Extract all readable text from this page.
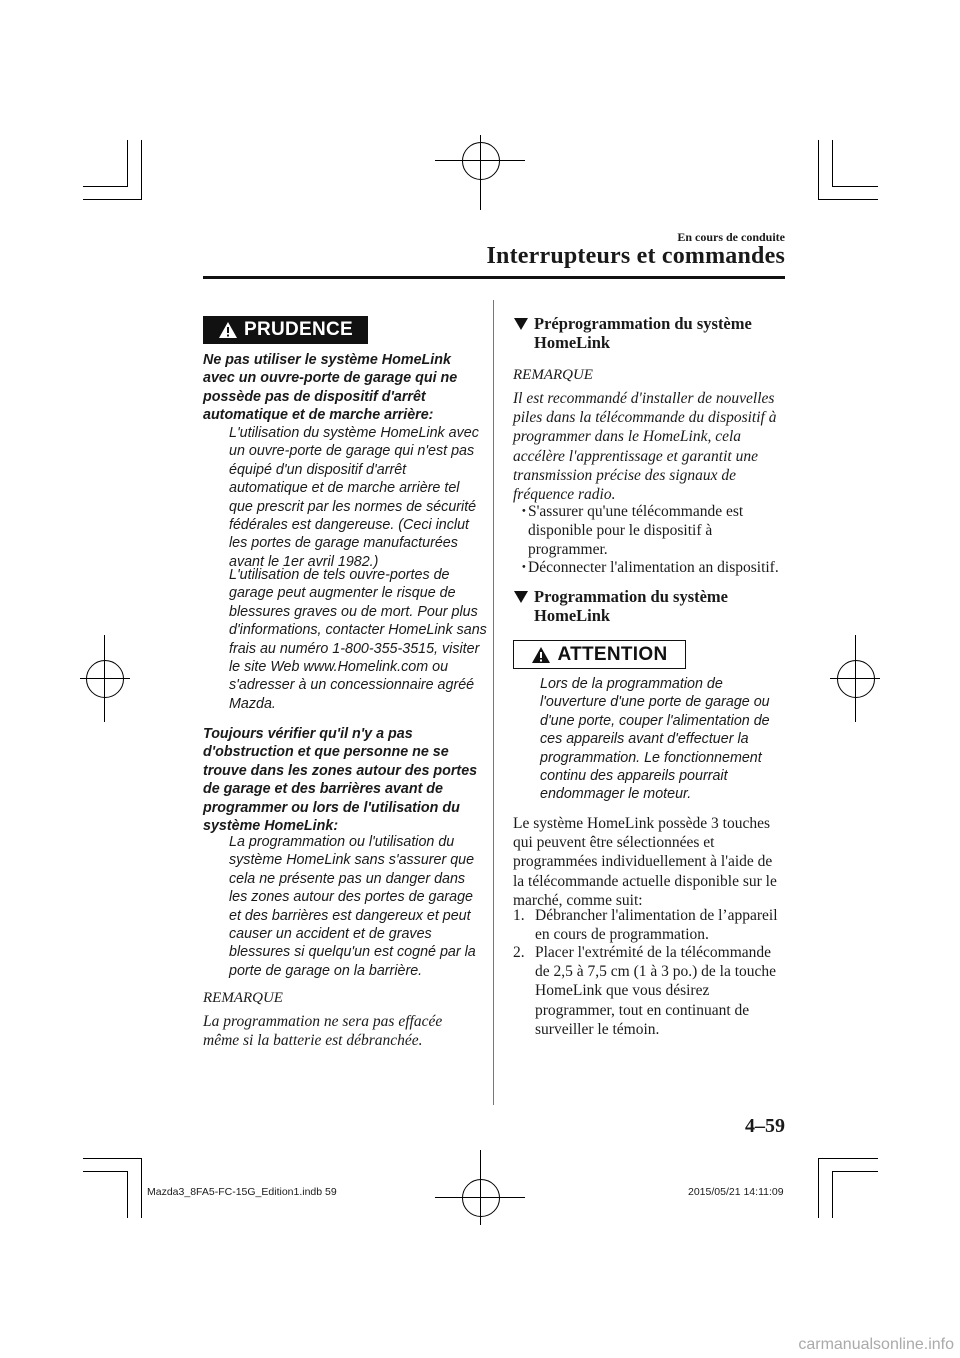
En cours de conduite
Interrupteurs et commandes
PRUDENCE

Ne pas utiliser le système HomeLink avec un ouvre-porte de garage qui ne possède pas de dispositif d'arrêt automatique et de marche arrière:

L'utilisation du système HomeLink avec un ouvre-porte de garage qui n'est pas équipé d'un dispositif d'arrêt automatique et de marche arrière tel que prescrit par les normes de sécurité fédérales est dangereuse. (Ceci inclut les portes de garage manufacturées avant le 1er avril 1982.)

L'utilisation de tels ouvre-portes de garage peut augmenter le risque de blessures graves ou de mort. Pour plus d'informations, contacter HomeLink sans frais au numéro 1-800-355-3515, visiter le site Web www.Homelink.com ou s'adresser à un concessionnaire agréé Mazda.

Toujours vérifier qu'il n'y a pas d'obstruction et que personne ne se trouve dans les zones autour des portes de garage et des barrières avant de programmer ou lors de l'utilisation du système HomeLink:

La programmation ou l'utilisation du système HomeLink sans s'assurer que cela ne présente pas un danger dans les zones autour des portes de garage et des barrières est dangereux et peut causer un accident et de graves blessures si quelqu'un est cogné par la porte de garage on la barrière.

REMARQUE

La programmation ne sera pas effacée même si la batterie est débranchée.

Préprogrammation du système
HomeLink

REMARQUE

Il est recommandé d'installer de nouvelles piles dans la télécommande du dispositif à programmer dans le HomeLink, cela accélère l'apprentissage et garantit une transmission précise des signaux de fréquence radio.

･ S'assurer qu'une télécommande est disponible pour le dispositif à programmer.
･ Déconnecter l'alimentation an dispositif.
Programmation du système
HomeLink
ATTENTION

Lors de la programmation de l'ouverture d'une porte de garage ou d'une porte, couper l'alimentation de ces appareils avant d'effectuer la programmation. Le fonctionnement continu des appareils pourrait endommager le moteur.

Le système HomeLink possède 3 touches qui peuvent être sélectionnées et programmées individuellement à l'aide de la télécommande actuelle disponible sur le marché, comme suit:

1. Débrancher l'alimentation de l’appareil en cours de programmation.
2. Placer l'extrémité de la télécommande de 2,5 à 7,5 cm (1 à 3 po.) de la touche HomeLink que vous désirez programmer, tout en continuant de surveiller le témoin.
4–59
Mazda3_8FA5-FC-15G_Edition1.indb 59	2015/05/21 14:11:09
carmanualsonline.info
